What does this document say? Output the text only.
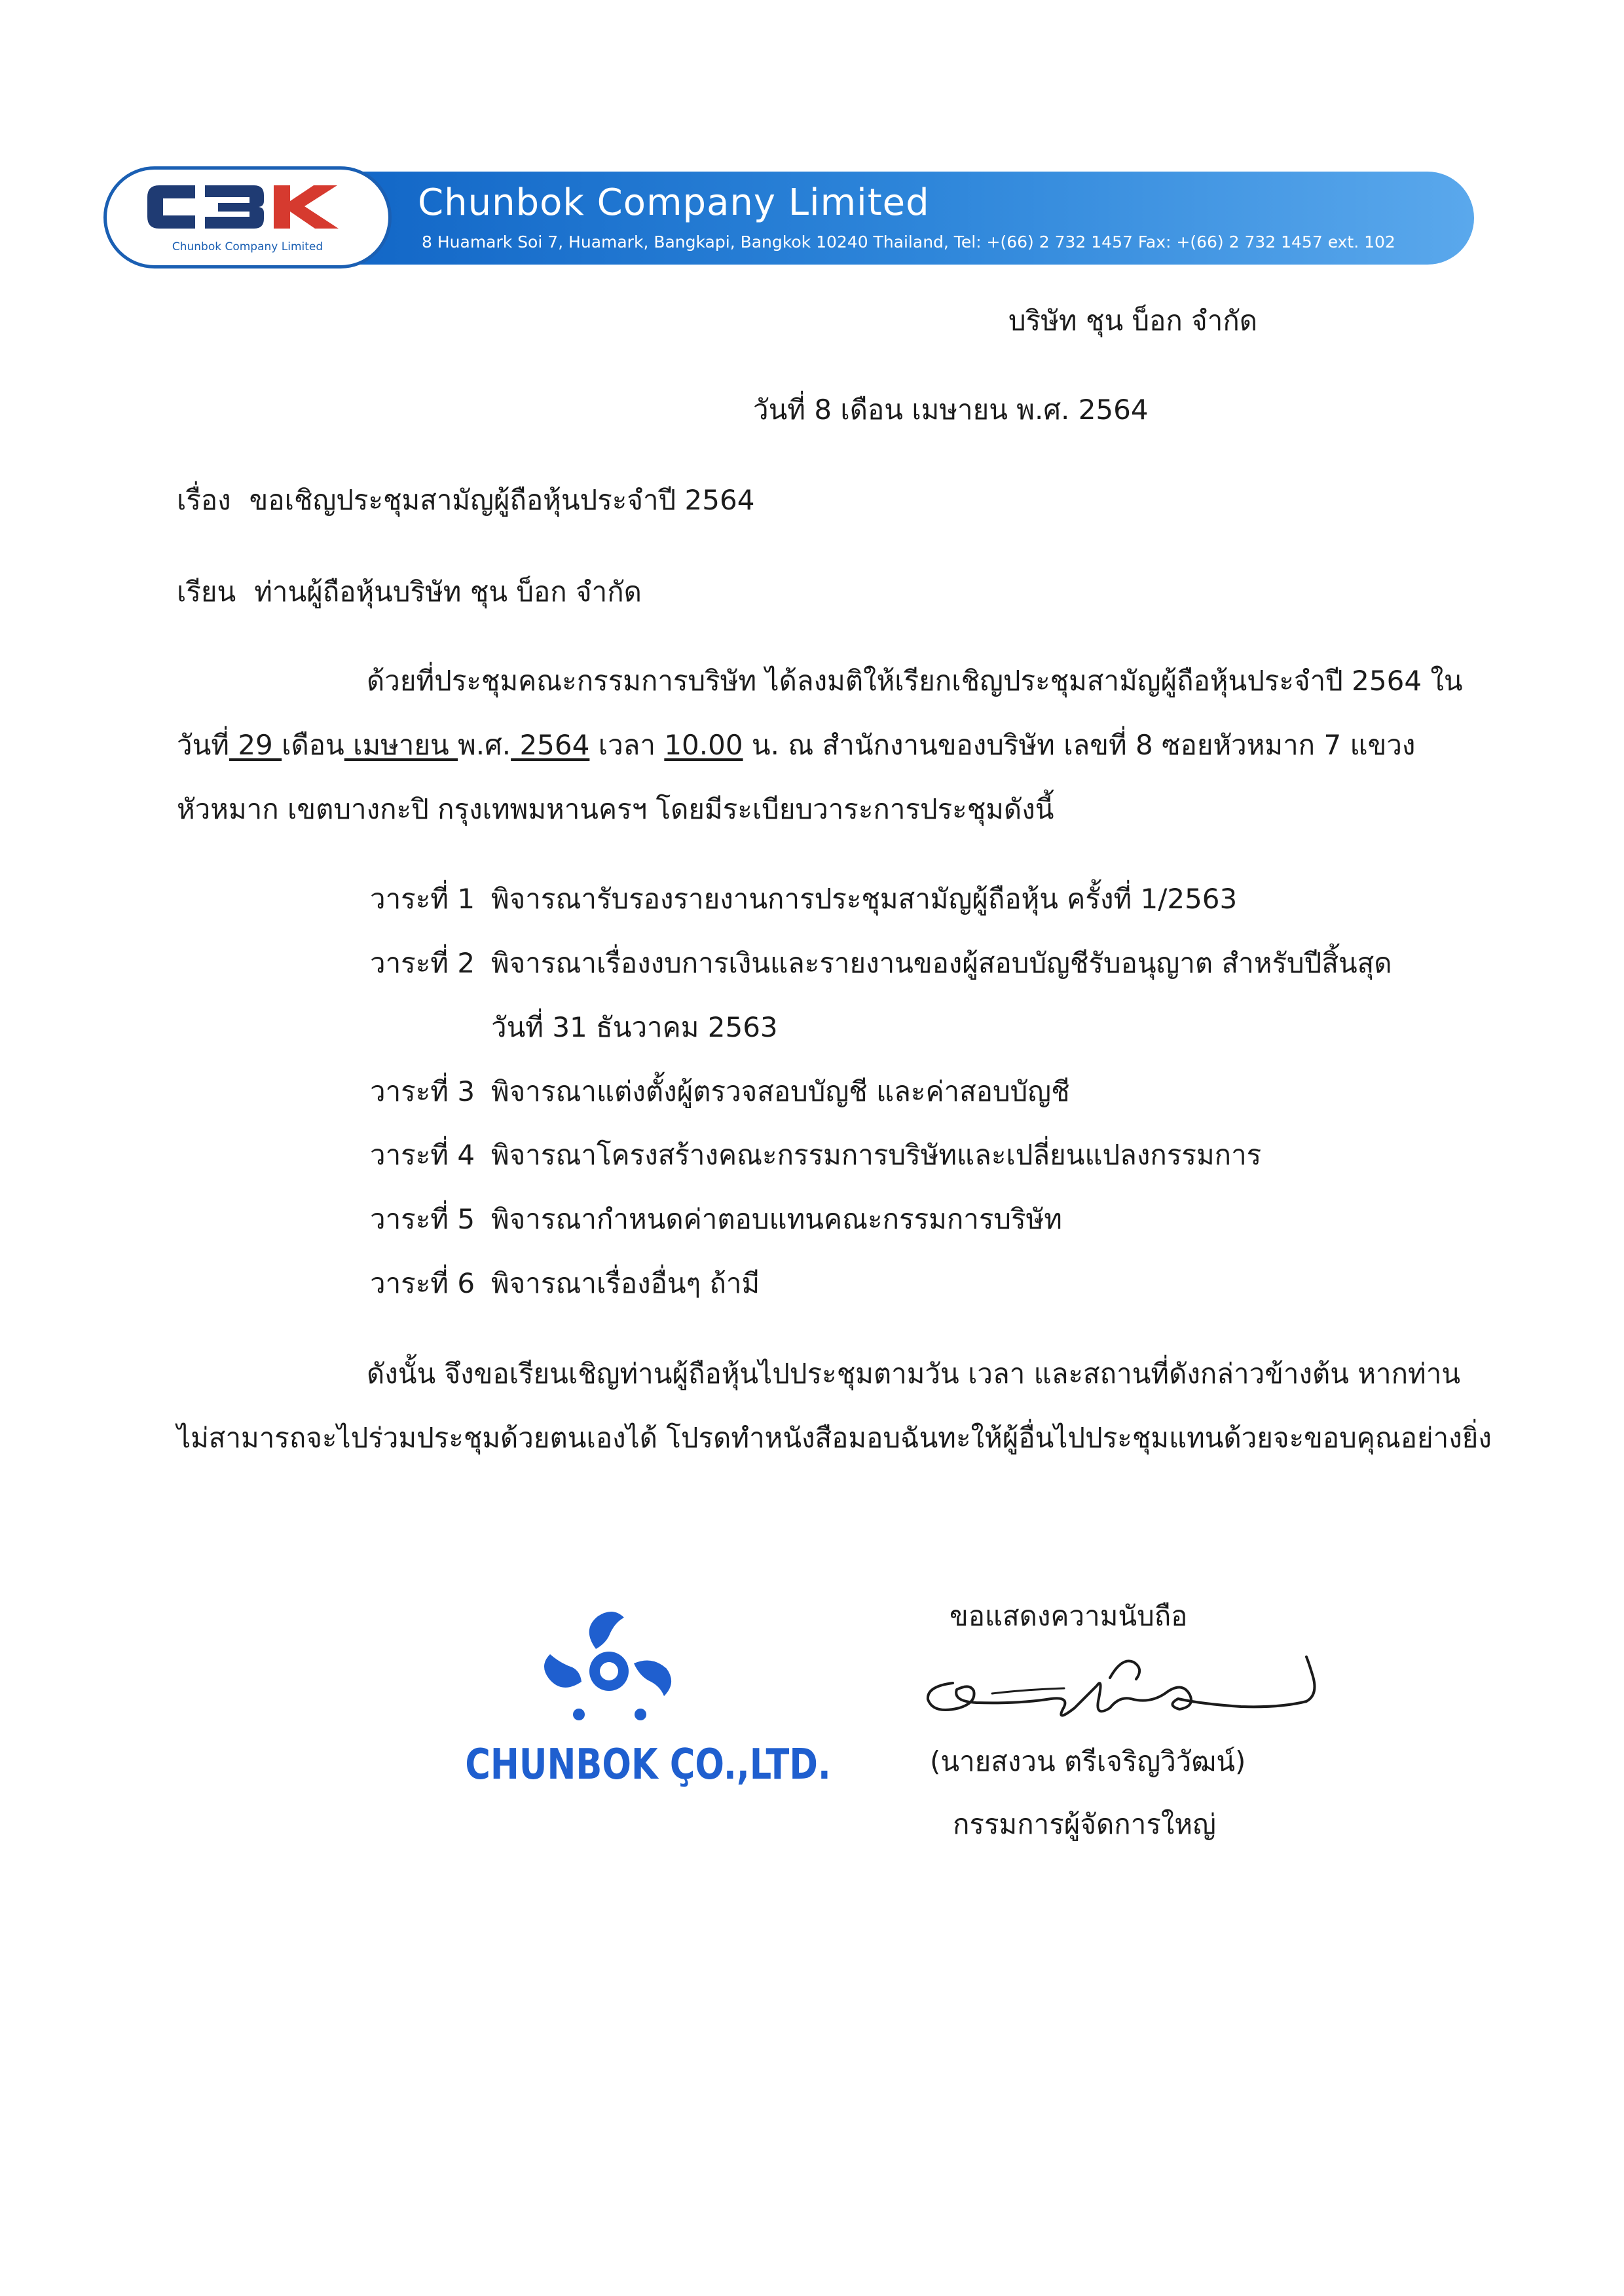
Chunbok Company Limited
8 Huamark Soi 7, Huamark, Bangkapi, Bangkok 10240 Thailand, Tel: +(66) 2 732 1457 Fax: +(66) 2 732 1457 ext. 102
Chunbok Company Limited
บริษัท ชุน บ็อก จำกัด
วันที่ 8 เดือน เมษายน พ.ศ. 2564
เรื่อง ขอเชิญประชุมสามัญผู้ถือหุ้นประจำปี 2564
เรียน ท่านผู้ถือหุ้นบริษัท ชุน บ็อก จำกัด
ด้วยที่ประชุมคณะกรรมการบริษัท ได้ลงมติให้เรียกเชิญประชุมสามัญผู้ถือหุ้นประจำปี 2564 ใน
วันที่ 29 เดือน เมษายน พ.ศ. 2564 เวลา 10.00 น. ณ สำนักงานของบริษัท เลขที่ 8 ซอยหัวหมาก 7 แขวง
หัวหมาก เขตบางกะปิ กรุงเทพมหานครฯ โดยมีระเบียบวาระการประชุมดังนี้
วาระที่ 1 พิจารณารับรองรายงานการประชุมสามัญผู้ถือหุ้น ครั้งที่ 1/2563
วาระที่ 2 พิจารณาเรื่องงบการเงินและรายงานของผู้สอบบัญชีรับอนุญาต สำหรับปีสิ้นสุด
วันที่ 31 ธันวาคม 2563
วาระที่ 3 พิจารณาแต่งตั้งผู้ตรวจสอบบัญชี และค่าสอบบัญชี
วาระที่ 4 พิจารณาโครงสร้างคณะกรรมการบริษัทและเปลี่ยนแปลงกรรมการ
วาระที่ 5 พิจารณากำหนดค่าตอบแทนคณะกรรมการบริษัท
วาระที่ 6 พิจารณาเรื่องอื่นๆ ถ้ามี
ดังนั้น จึงขอเรียนเชิญท่านผู้ถือหุ้นไปประชุมตามวัน เวลา และสถานที่ดังกล่าวข้างต้น หากท่าน
ไม่สามารถจะไปร่วมประชุมด้วยตนเองได้ โปรดทำหนังสือมอบฉันทะให้ผู้อื่นไปประชุมแทนด้วยจะขอบคุณอย่างยิ่ง
ขอแสดงความนับถือ
(นายสงวน ตรีเจริญวิวัฒน์)
กรรมการผู้จัดการใหญ่
CHUNBOK ÇO.,LTD.
